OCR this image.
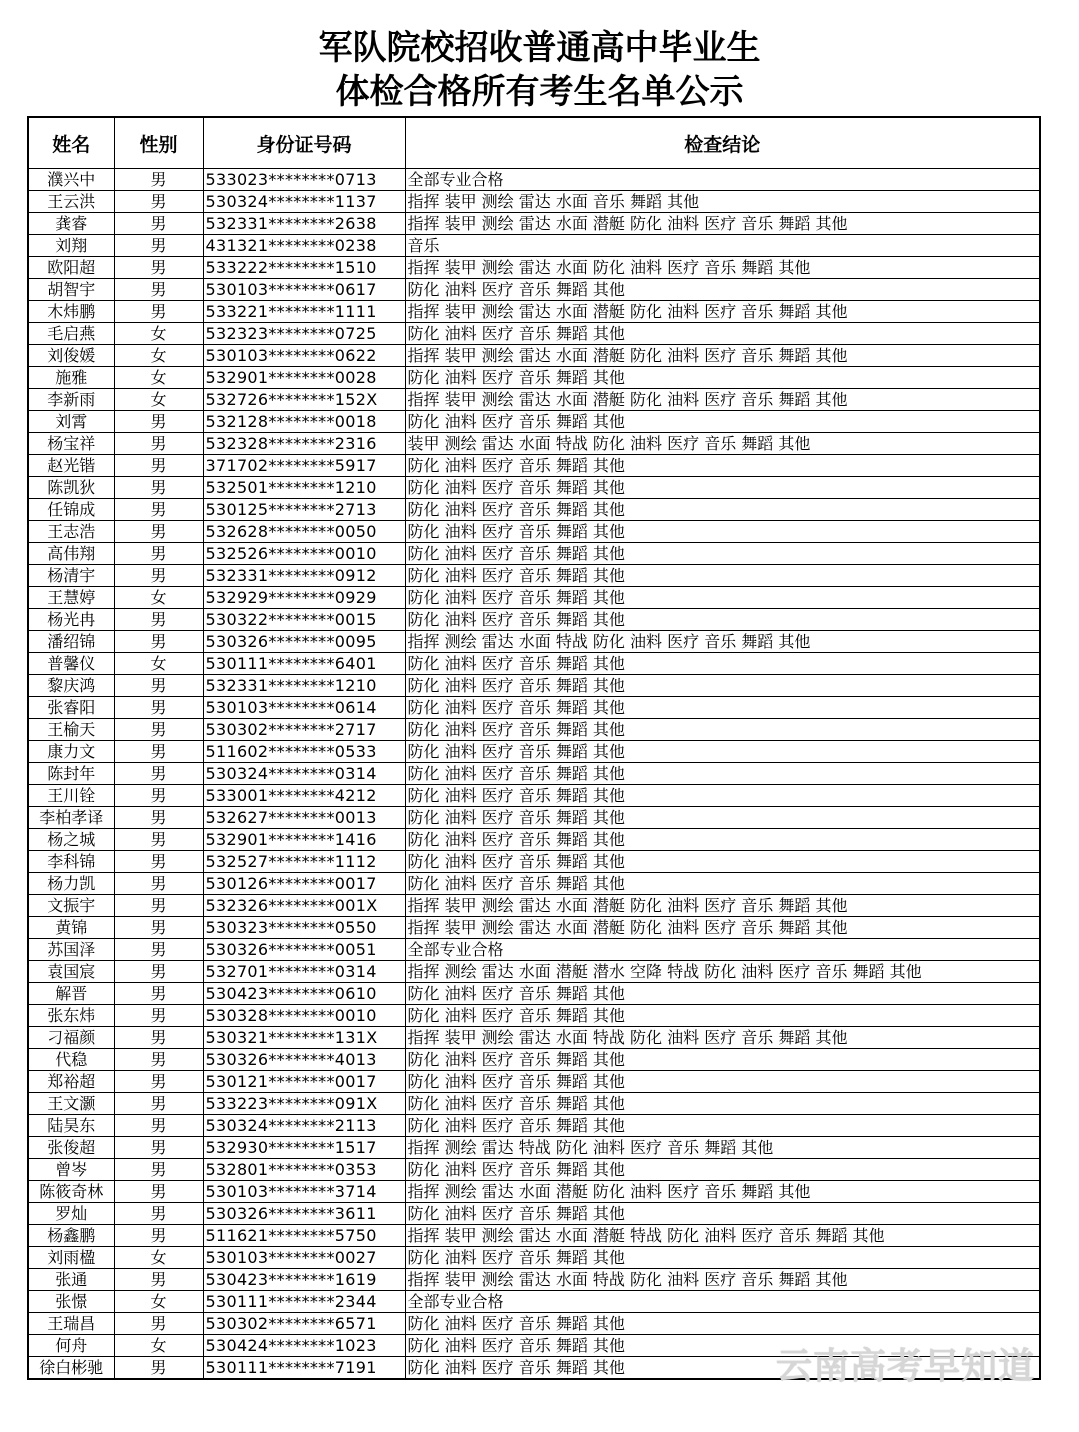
军队院校招收普通高中毕业生
体检合格所有考生名单公示
姓名	性别	身份证号码	检查结论
濮兴中	男	533023********0713	全部专业合格
王云洪	男	530324********1137	指挥 装甲 测绘 雷达 水面 音乐 舞蹈 其他
龚睿	男	532331********2638	指挥 装甲 测绘 雷达 水面 潜艇 防化 油料 医疗 音乐 舞蹈 其他
刘翔	男	431321********0238	音乐
欧阳超	男	533222********1510	指挥 装甲 测绘 雷达 水面 防化 油料 医疗 音乐 舞蹈 其他
胡智宇	男	530103********0617	防化 油料 医疗 音乐 舞蹈 其他
木炜鹏	男	533221********1111	指挥 装甲 测绘 雷达 水面 潜艇 防化 油料 医疗 音乐 舞蹈 其他
毛启燕	女	532323********0725	防化 油料 医疗 音乐 舞蹈 其他
刘俊媛	女	530103********0622	指挥 装甲 测绘 雷达 水面 潜艇 防化 油料 医疗 音乐 舞蹈 其他
施雅	女	532901********0028	防化 油料 医疗 音乐 舞蹈 其他
李新雨	女	532726********152X	指挥 装甲 测绘 雷达 水面 潜艇 防化 油料 医疗 音乐 舞蹈 其他
刘霄	男	532128********0018	防化 油料 医疗 音乐 舞蹈 其他
杨宝祥	男	532328********2316	装甲 测绘 雷达 水面 特战 防化 油料 医疗 音乐 舞蹈 其他
赵光锴	男	371702********5917	防化 油料 医疗 音乐 舞蹈 其他
陈凯狄	男	532501********1210	防化 油料 医疗 音乐 舞蹈 其他
任锦成	男	530125********2713	防化 油料 医疗 音乐 舞蹈 其他
王志浩	男	532628********0050	防化 油料 医疗 音乐 舞蹈 其他
高伟翔	男	532526********0010	防化 油料 医疗 音乐 舞蹈 其他
杨清宇	男	532331********0912	防化 油料 医疗 音乐 舞蹈 其他
王慧婷	女	532929********0929	防化 油料 医疗 音乐 舞蹈 其他
杨光冉	男	530322********0015	防化 油料 医疗 音乐 舞蹈 其他
潘绍锦	男	530326********0095	指挥 测绘 雷达 水面 特战 防化 油料 医疗 音乐 舞蹈 其他
普馨仪	女	530111********6401	防化 油料 医疗 音乐 舞蹈 其他
黎庆鸿	男	532331********1210	防化 油料 医疗 音乐 舞蹈 其他
张睿阳	男	530103********0614	防化 油料 医疗 音乐 舞蹈 其他
王榆天	男	530302********2717	防化 油料 医疗 音乐 舞蹈 其他
康力文	男	511602********0533	防化 油料 医疗 音乐 舞蹈 其他
陈封年	男	530324********0314	防化 油料 医疗 音乐 舞蹈 其他
王川铨	男	533001********4212	防化 油料 医疗 音乐 舞蹈 其他
李柏孝译	男	532627********0013	防化 油料 医疗 音乐 舞蹈 其他
杨之城	男	532901********1416	防化 油料 医疗 音乐 舞蹈 其他
李科锦	男	532527********1112	防化 油料 医疗 音乐 舞蹈 其他
杨力凯	男	530126********0017	防化 油料 医疗 音乐 舞蹈 其他
文振宇	男	532326********001X	指挥 装甲 测绘 雷达 水面 潜艇 防化 油料 医疗 音乐 舞蹈 其他
黄锦	男	530323********0550	指挥 装甲 测绘 雷达 水面 潜艇 防化 油料 医疗 音乐 舞蹈 其他
苏国泽	男	530326********0051	全部专业合格
袁国宸	男	532701********0314	指挥 测绘 雷达 水面 潜艇 潜水 空降 特战 防化 油料 医疗 音乐 舞蹈 其他
解晋	男	530423********0610	防化 油料 医疗 音乐 舞蹈 其他
张东炜	男	530328********0010	防化 油料 医疗 音乐 舞蹈 其他
刁福颜	男	530321********131X	指挥 装甲 测绘 雷达 水面 特战 防化 油料 医疗 音乐 舞蹈 其他
代稳	男	530326********4013	防化 油料 医疗 音乐 舞蹈 其他
郑裕超	男	530121********0017	防化 油料 医疗 音乐 舞蹈 其他
王文灏	男	533223********091X	防化 油料 医疗 音乐 舞蹈 其他
陆昊东	男	530324********2113	防化 油料 医疗 音乐 舞蹈 其他
张俊超	男	532930********1517	指挥 测绘 雷达 特战 防化 油料 医疗 音乐 舞蹈 其他
曾岑	男	532801********0353	防化 油料 医疗 音乐 舞蹈 其他
陈筱奇林	男	530103********3714	指挥 测绘 雷达 水面 潜艇 防化 油料 医疗 音乐 舞蹈 其他
罗灿	男	530326********3611	防化 油料 医疗 音乐 舞蹈 其他
杨鑫鹏	男	511621********5750	指挥 装甲 测绘 雷达 水面 潜艇 特战 防化 油料 医疗 音乐 舞蹈 其他
刘雨楹	女	530103********0027	防化 油料 医疗 音乐 舞蹈 其他
张通	男	530423********1619	指挥 装甲 测绘 雷达 水面 特战 防化 油料 医疗 音乐 舞蹈 其他
张憬	女	530111********2344	全部专业合格
王瑞昌	男	530302********6571	防化 油料 医疗 音乐 舞蹈 其他
何舟	女	530424********1023	防化 油料 医疗 音乐 舞蹈 其他
徐白彬驰	男	530111********7191	防化 油料 医疗 音乐 舞蹈 其他	云南高考早知道
